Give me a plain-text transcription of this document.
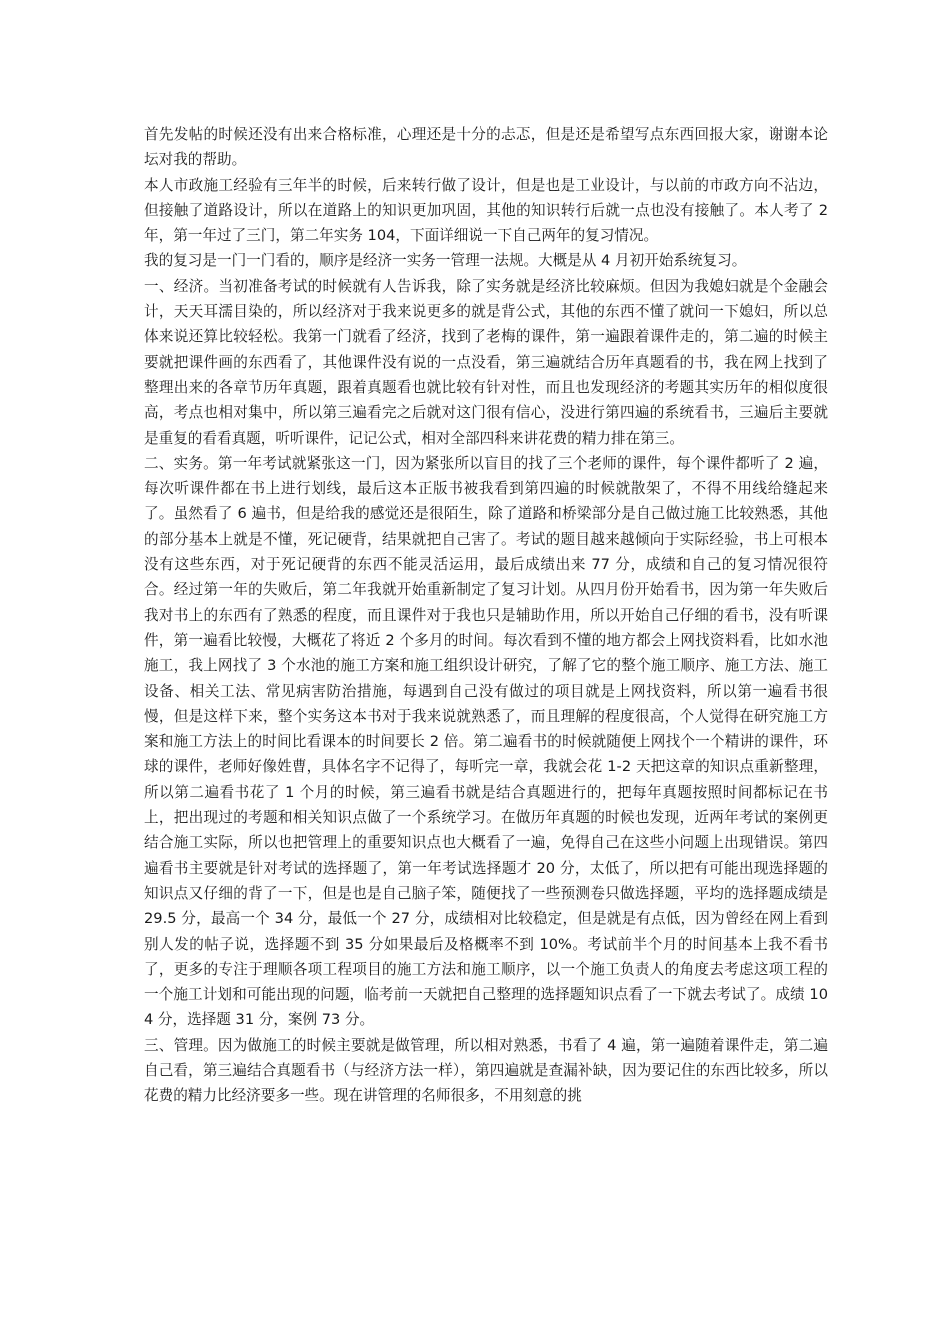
首先发帖的时候还没有出来合格标准，心理还是十分的忐忑，但是还是希望写点东西回报大家，谢谢本论坛对我的帮助。

本人市政施工经验有三年半的时候，后来转行做了设计，但是也是工业设计，与以前的市政方向不沾边，但接触了道路设计，所以在道路上的知识更加巩固，其他的知识转行后就一点也没有接触了。本人考了 2 年，第一年过了三门，第二年实务 104，下面详细说一下自己两年的复习情况。

我的复习是一门一门看的，顺序是经济一实务一管理一法规。大概是从 4 月初开始系统复习。

一、经济。当初准备考试的时候就有人告诉我，除了实务就是经济比较麻烦。但因为我媳妇就是个金融会计，天天耳濡目染的，所以经济对于我来说更多的就是背公式，其他的东西不懂了就问一下媳妇，所以总体来说还算比较轻松。我第一门就看了经济，找到了老梅的课件，第一遍跟着课件走的，第二遍的时候主要就把课件画的东西看了，其他课件没有说的一点没看，第三遍就结合历年真题看的书，我在网上找到了整理出来的各章节历年真题，跟着真题看也就比较有针对性，而且也发现经济的考题其实历年的相似度很高，考点也相对集中，所以第三遍看完之后就对这门很有信心，没进行第四遍的系统看书，三遍后主要就是重复的看看真题，听听课件，记记公式，相对全部四科来讲花费的精力排在第三。

二、实务。第一年考试就紧张这一门，因为紧张所以盲目的找了三个老师的课件，每个课件都听了 2 遍，每次听课件都在书上进行划线，最后这本正版书被我看到第四遍的时候就散架了，不得不用线给缝起来了。虽然看了 6 遍书，但是给我的感觉还是很陌生，除了道路和桥梁部分是自己做过施工比较熟悉，其他的部分基本上就是不懂，死记硬背，结果就把自己害了。考试的题目越来越倾向于实际经验，书上可根本没有这些东西，对于死记硬背的东西不能灵活运用，最后成绩出来 77 分，成绩和自己的复习情况很符合。经过第一年的失败后，第二年我就开始重新制定了复习计划。从四月份开始看书，因为第一年失败后我对书上的东西有了熟悉的程度，而且课件对于我也只是辅助作用，所以开始自己仔细的看书，没有听课件，第一遍看比较慢，大概花了将近 2 个多月的时间。每次看到不懂的地方都会上网找资料看，比如水池施工，我上网找了 3 个水池的施工方案和施工组织设计研究，了解了它的整个施工顺序、施工方法、施工设备、相关工法、常见病害防治措施，每遇到自己没有做过的项目就是上网找资料，所以第一遍看书很慢，但是这样下来，整个实务这本书对于我来说就熟悉了，而且理解的程度很高，个人觉得在研究施工方案和施工方法上的时间比看课本的时间要长 2 倍。第二遍看书的时候就随便上网找个一个精讲的课件，环球的课件，老师好像姓曹，具体名字不记得了，每听完一章，我就会花 1-2 天把这章的知识点重新整理，所以第二遍看书花了 1 个月的时候，第三遍看书就是结合真题进行的，把每年真题按照时间都标记在书上，把出现过的考题和相关知识点做了一个系统学习。在做历年真题的时候也发现，近两年考试的案例更结合施工实际，所以也把管理上的重要知识点也大概看了一遍，免得自己在这些小问题上出现错误。第四遍看书主要就是针对考试的选择题了，第一年考试选择题才 20 分，太低了，所以把有可能出现选择题的知识点又仔细的背了一下，但是也是自己脑子笨，随便找了一些预测卷只做选择题，平均的选择题成绩是 29.5 分，最高一个 34 分，最低一个 27 分，成绩相对比较稳定，但是就是有点低，因为曾经在网上看到别人发的帖子说，选择题不到 35 分如果最后及格概率不到 10%。考试前半个月的时间基本上我不看书了，更多的专注于理顺各项工程项目的施工方法和施工顺序，以一个施工负责人的角度去考虑这项工程的一个施工计划和可能出现的问题，临考前一天就把自己整理的选择题知识点看了一下就去考试了。成绩 104 分，选择题 31 分，案例 73 分。

三、管理。因为做施工的时候主要就是做管理，所以相对熟悉，书看了 4 遍，第一遍随着课件走，第二遍自己看，第三遍结合真题看书（与经济方法一样），第四遍就是查漏补缺，因为要记住的东西比较多，所以花费的精力比经济要多一些。现在讲管理的名师很多，不用刻意的挑
